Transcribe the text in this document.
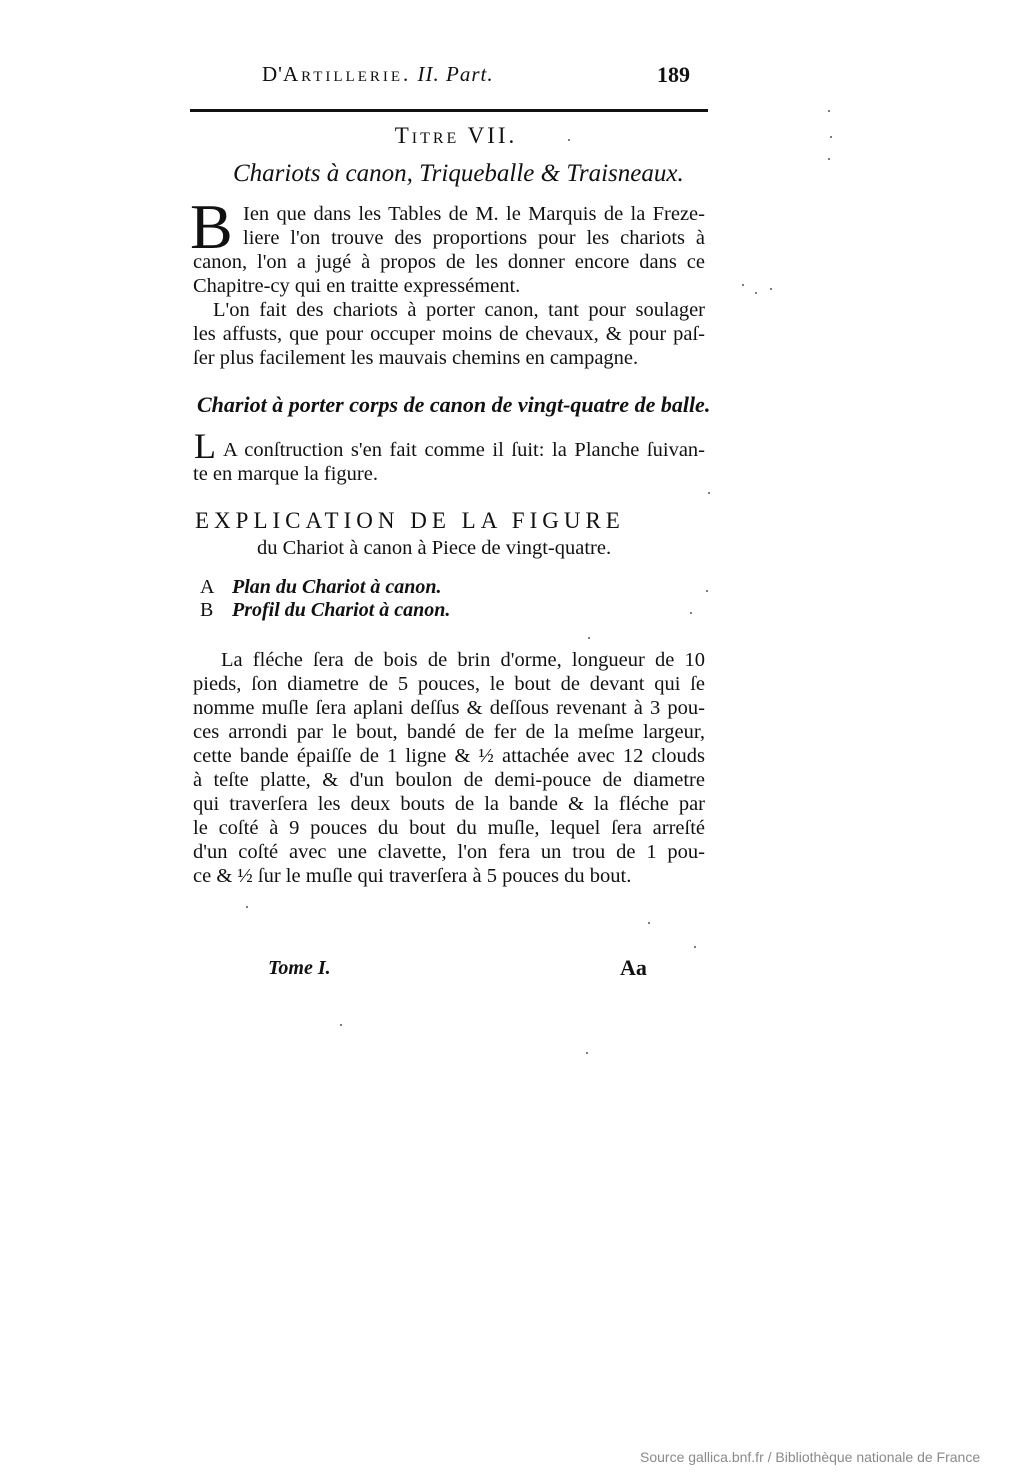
D'Artillerie. II. Part.	189
Titre VII.
Chariots à canon, Triqueballe & Traisneaux.
B Ien que dans les Tables de M. le Marquis de la Freze-
liere l'on trouve des proportions pour les chariots à
canon, l'on a jugé à propos de les donner encore dans ce
Chapitre-cy qui en traitte expressément.
L'on fait des chariots à porter canon, tant pour soulager
les affusts, que pour occuper moins de chevaux, & pour paſ-
ſer plus facilement les mauvais chemins en campagne.
Chariot à porter corps de canon de vingt-quatre de balle.
L A conſtruction s'en fait comme il ſuit: la Planche ſuivan-
te en marque la figure.
EXPLICATION DE LA FIGURE
du Chariot à canon à Piece de vingt-quatre.
A Plan du Chariot à canon.
B Profil du Chariot à canon.
La fléche ſera de bois de brin d'orme, longueur de 10
pieds, ſon diametre de 5 pouces, le bout de devant qui ſe
nomme muſle ſera aplani deſſus & deſſous revenant à 3 pou-
ces arrondi par le bout, bandé de fer de la meſme largeur,
cette bande épaiſſe de 1 ligne & ½ attachée avec 12 clouds
à teſte platte, & d'un boulon de demi-pouce de diametre
qui traverſera les deux bouts de la bande & la fléche par
le coſté à 9 pouces du bout du muſle, lequel ſera arreſté
d'un coſté avec une clavette, l'on fera un trou de 1 pou-
ce & ½ ſur le muſle qui traverſera à 5 pouces du bout.
Tome I.	Aa
Source gallica.bnf.fr / Bibliothèque nationale de France
